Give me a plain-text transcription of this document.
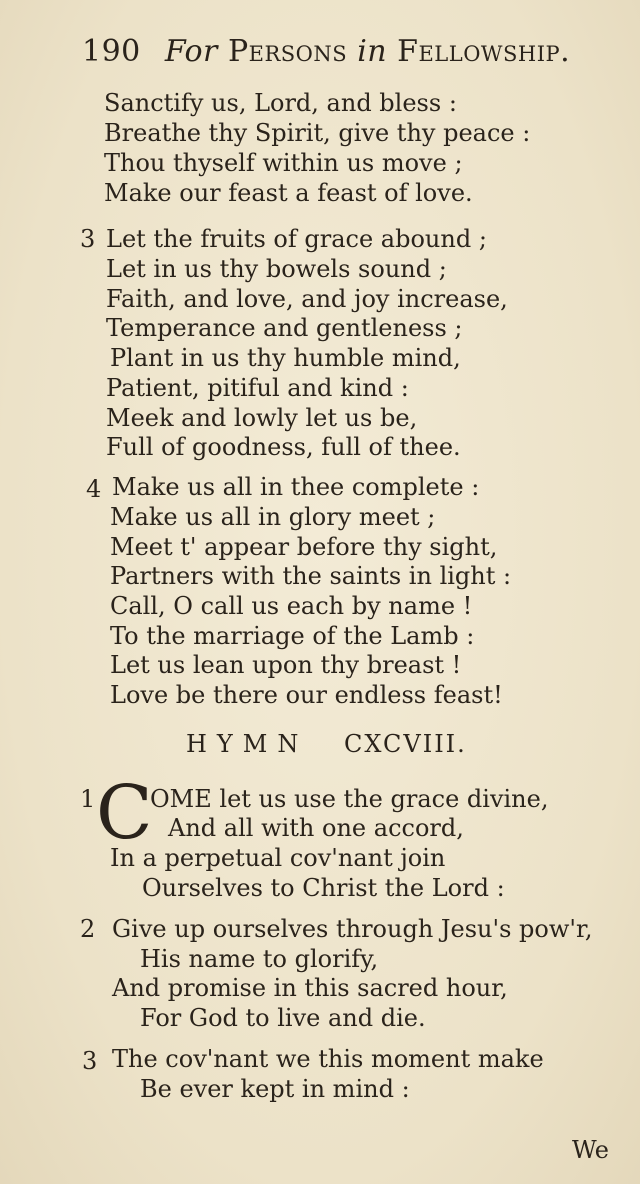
190 For Persons in Fellowship.
Sanctify us, Lord, and bless :
Breathe thy Spirit, give thy peace :
Thou thyself within us move ;
Make our feast a feast of love.
3 Let the fruits of grace abound ;
Let in us thy bowels sound ;
Faith, and love, and joy increase,
Temperance and gentleness ;
Plant in us thy humble mind,
Patient, pitiful and kind :
Meek and lowly let us be,
Full of goodness, full of thee.
4 Make us all in thee complete :
Make us all in glory meet ;
Meet t' appear before thy sight,
Partners with the saints in light :
Call, O call us each by name !
To the marriage of the Lamb :
Let us lean upon thy breast !
Love be there our endless feast!
HYMN CXCVIII.
1 C
OME let us use the grace divine,
And all with one accord,
In a perpetual cov'nant join
Ourselves to Christ the Lord :
2 Give up ourselves through Jesu's pow'r,
His name to glorify,
And promise in this sacred hour,
For God to live and die.
3 The cov'nant we this moment make
Be ever kept in mind :
We
